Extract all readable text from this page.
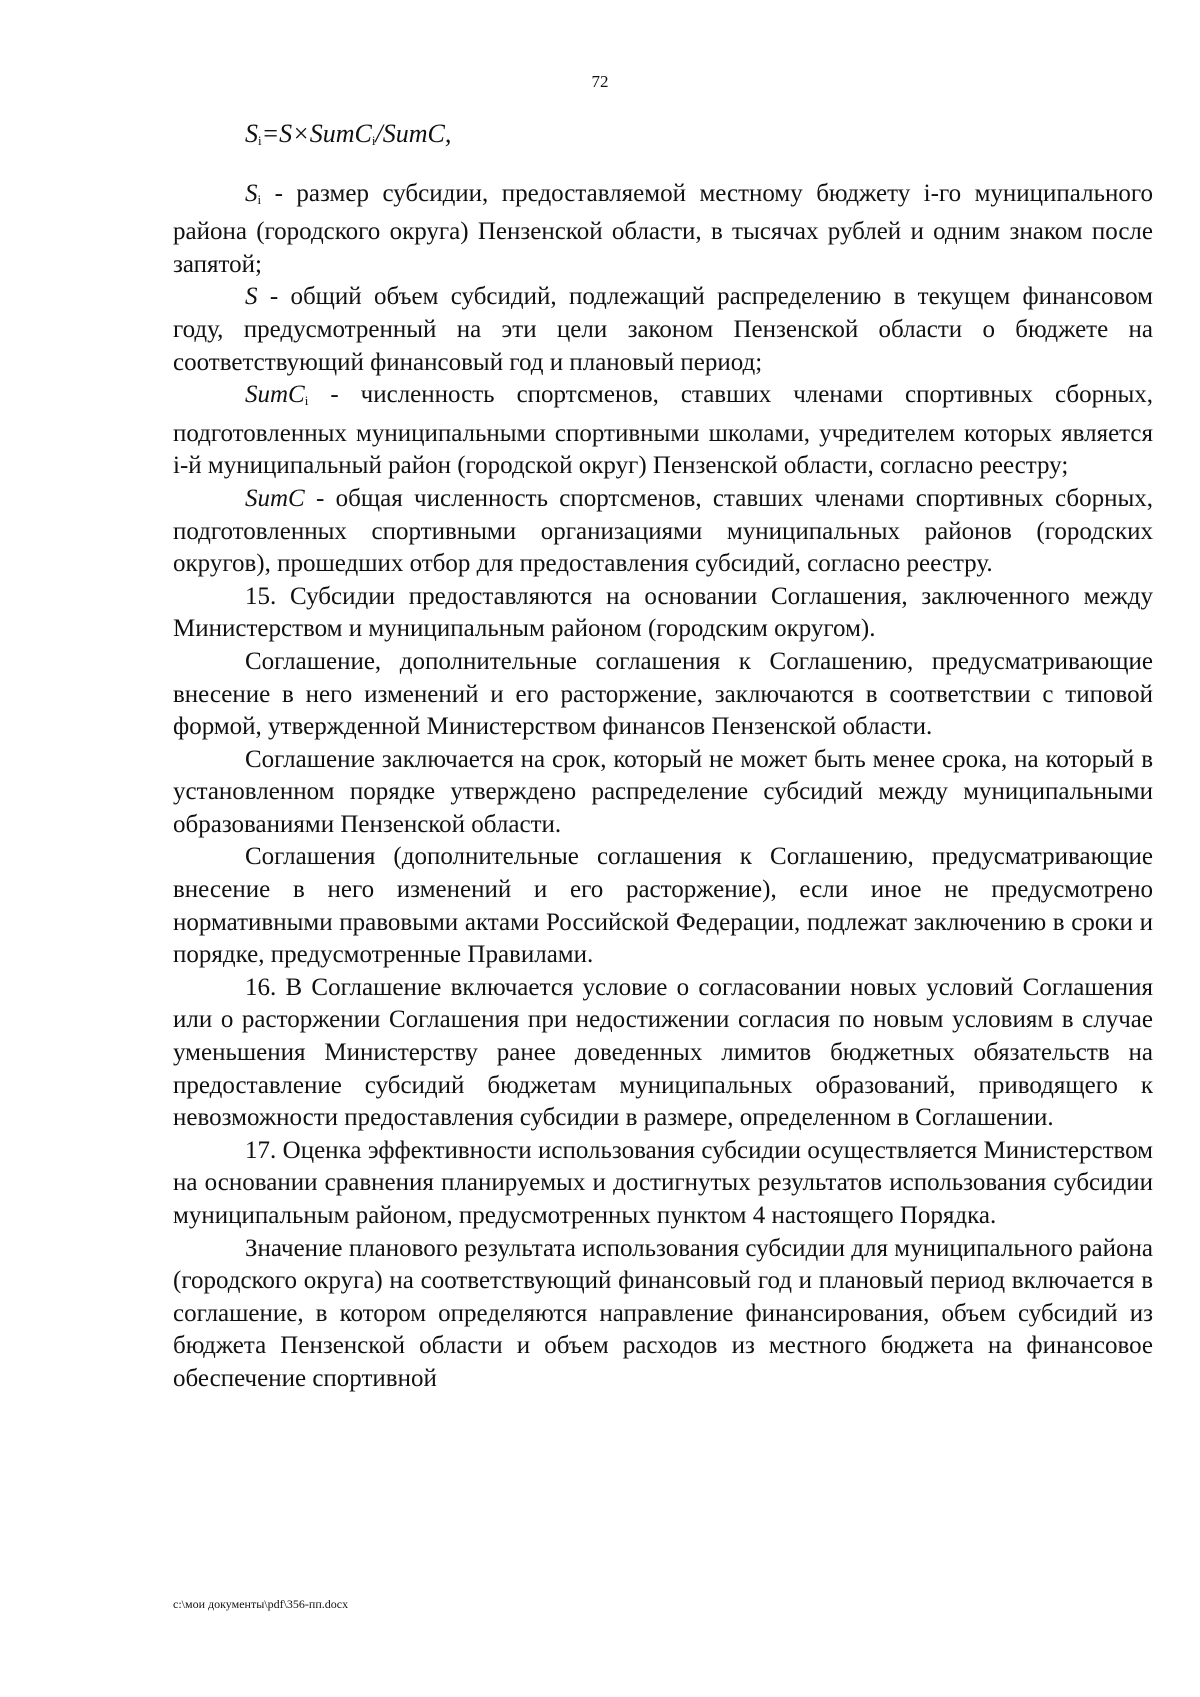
72
$S_i=S\times SumC_i$/SumC,

$S_i$ - размер субсидии, предоставляемой местному бюджету i-го муниципального района (городского округа) Пензенской области, в тысячах рублей и одним знаком после запятой;

S - общий объем субсидий, подлежащий распределению в текущем финансовом году, предусмотренный на эти цели законом Пензенской области о бюджете на соответствующий финансовый год и плановый период;

SumC$_i$ - численность спортсменов, ставших членами спортивных сборных, подготовленных муниципальными спортивными школами, учредителем которых является i-й муниципальный район (городской округ) Пензенской области, согласно реестру;

SumC - общая численность спортсменов, ставших членами спортивных сборных, подготовленных спортивными организациями муниципальных районов (городских округов), прошедших отбор для предоставления субсидий, согласно реестру.

15. Субсидии предоставляются на основании Соглашения, заключенного между Министерством и муниципальным районом (городским округом).

Соглашение, дополнительные соглашения к Соглашению, предусматривающие внесение в него изменений и его расторжение, заключаются в соответствии с типовой формой, утвержденной Министерством финансов Пензенской области.

Соглашение заключается на срок, который не может быть менее срока, на который в установленном порядке утверждено распределение субсидий между муниципальными образованиями Пензенской области.

Соглашения (дополнительные соглашения к Соглашению, предусматривающие внесение в него изменений и его расторжение), если иное не предусмотрено нормативными правовыми актами Российской Федерации, подлежат заключению в сроки и порядке, предусмотренные Правилами.

16. В Соглашение включается условие о согласовании новых условий Соглашения или о расторжении Соглашения при недостижении согласия по новым условиям в случае уменьшения Министерству ранее доведенных лимитов бюджетных обязательств на предоставление субсидий бюджетам муниципальных образований, приводящего к невозможности предоставления субсидии в размере, определенном в Соглашении.

17. Оценка эффективности использования субсидии осуществляется Министерством на основании сравнения планируемых и достигнутых результатов использования субсидии муниципальным районом, предусмотренных пунктом 4 настоящего Порядка.

Значение планового результата использования субсидии для муниципального района (городского округа) на соответствующий финансовый год и плановый период включается в соглашение, в котором определяются направление финансирования, объем субсидий из бюджета Пензенской области и объем расходов из местного бюджета на финансовое обеспечение спортивной

c:\мои документы\pdf\356-пп.docx
